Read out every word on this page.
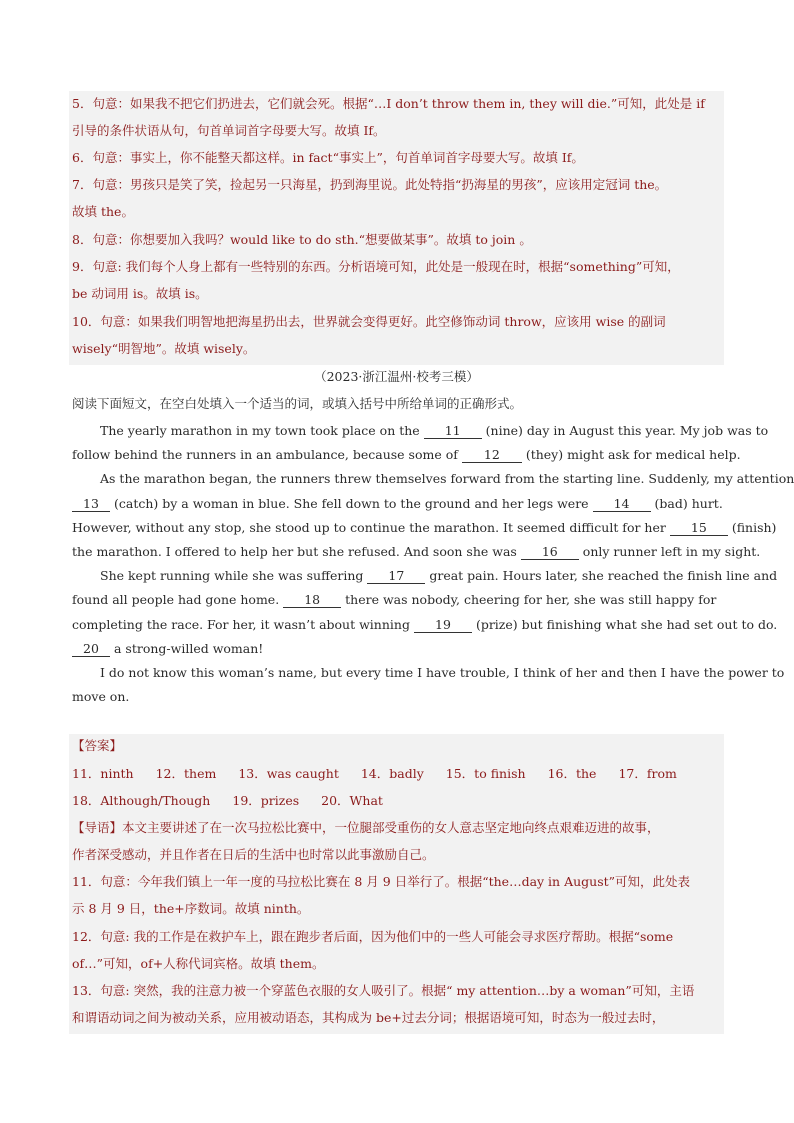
5．句意：如果我不把它们扔进去，它们就会死。根据“…I don’t throw them in, they will die.”可知，此处是 if
引导的条件状语从句，句首单词首字母要大写。故填 If。
6．句意：事实上，你不能整天都这样。in fact“事实上”，句首单词首字母要大写。故填 If。
7．句意：男孩只是笑了笑，捡起另一只海星，扔到海里说。此处特指“扔海星的男孩”，应该用定冠词 the。
故填 the。
8．句意：你想要加入我吗？would like to do sth.“想要做某事”。故填 to join 。
9．句意: 我们每个人身上都有一些特别的东西。分析语境可知，此处是一般现在时，根据“something”可知，
be 动词用 is。故填 is。
10．句意：如果我们明智地把海星扔出去，世界就会变得更好。此空修饰动词 throw，应该用 wise 的副词
wisely“明智地”。故填 wisely。
（2023·浙江温州·校考三模）
阅读下面短文，在空白处填入一个适当的词，或填入括号中所给单词的正确形式。
The yearly marathon in my town took place on the 11 (nine) day in August this year. My job was to
follow behind the runners in an ambulance, because some of 12 (they) might ask for medical help.
As the marathon began, the runners threw themselves forward from the starting line. Suddenly, my attention
13 (catch) by a woman in blue. She fell down to the ground and her legs were 14 (bad) hurt.
However, without any stop, she stood up to continue the marathon. It seemed difficult for her 15 (finish)
the marathon. I offered to help her but she refused. And soon she was 16 only runner left in my sight.
She kept running while she was suffering 17 great pain. Hours later, she reached the finish line and
found all people had gone home. 18 there was nobody, cheering for her, she was still happy for
completing the race. For her, it wasn’t about winning 19 (prize) but finishing what she had set out to do.
20 a strong-willed woman!
I do not know this woman’s name, but every time I have trouble, I think of her and then I have the power to
move on.
【答案】
11．ninth 12．them 13．was caught 14．badly 15．to finish 16．the 17．from
18．Although/Though 19．prizes 20．What
【导语】本文主要讲述了在一次马拉松比赛中，一位腿部受重伤的女人意志坚定地向终点艰难迈进的故事，
作者深受感动，并且作者在日后的生活中也时常以此事激励自己。
11．句意：今年我们镇上一年一度的马拉松比赛在 8 月 9 日举行了。根据“the…day in August”可知，此处表
示 8 月 9 日，the+序数词。故填 ninth。
12．句意: 我的工作是在救护车上，跟在跑步者后面，因为他们中的一些人可能会寻求医疗帮助。根据“some
of…”可知，of+人称代词宾格。故填 them。
13．句意: 突然，我的注意力被一个穿蓝色衣服的女人吸引了。根据“ my attention…by a woman”可知，主语
和谓语动词之间为被动关系，应用被动语态，其构成为 be+过去分词；根据语境可知，时态为一般过去时，
